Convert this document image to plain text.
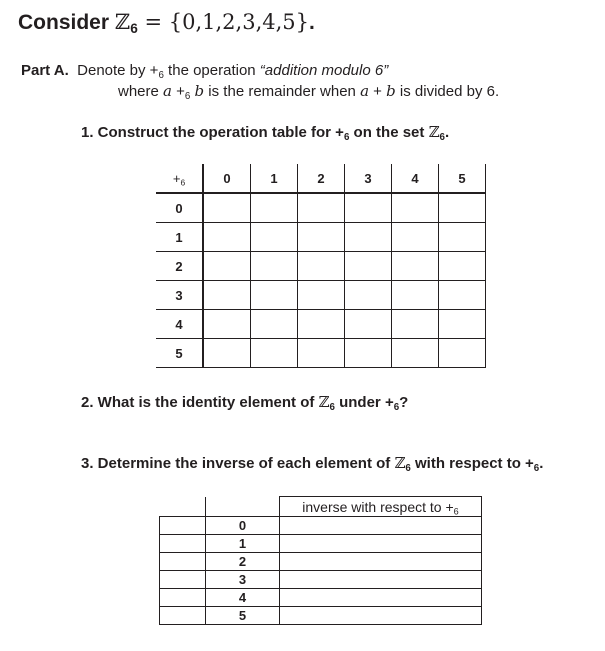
Consider ℤ$_6$ = {0,1,2,3,4,5}.
Part A. Denote by $+_6$ the operation “addition modulo 6”
where $a +_6$ b is the remainder when a + b is divided by 6.
1. Construct the operation table for $+_6$ on the set ℤ$_6$.
$+_6$	0	1	2	3	4	5
0						
1						
2						
3						
4						
5						
2. What is the identity element of ℤ$_6$ under $+_6$?
3. Determine the inverse of each element of ℤ$_6$ with respect to $+_6$.
		inverse with respect to $+_6$
	0	
	1	
	2	
	3	
	4	
	5	
